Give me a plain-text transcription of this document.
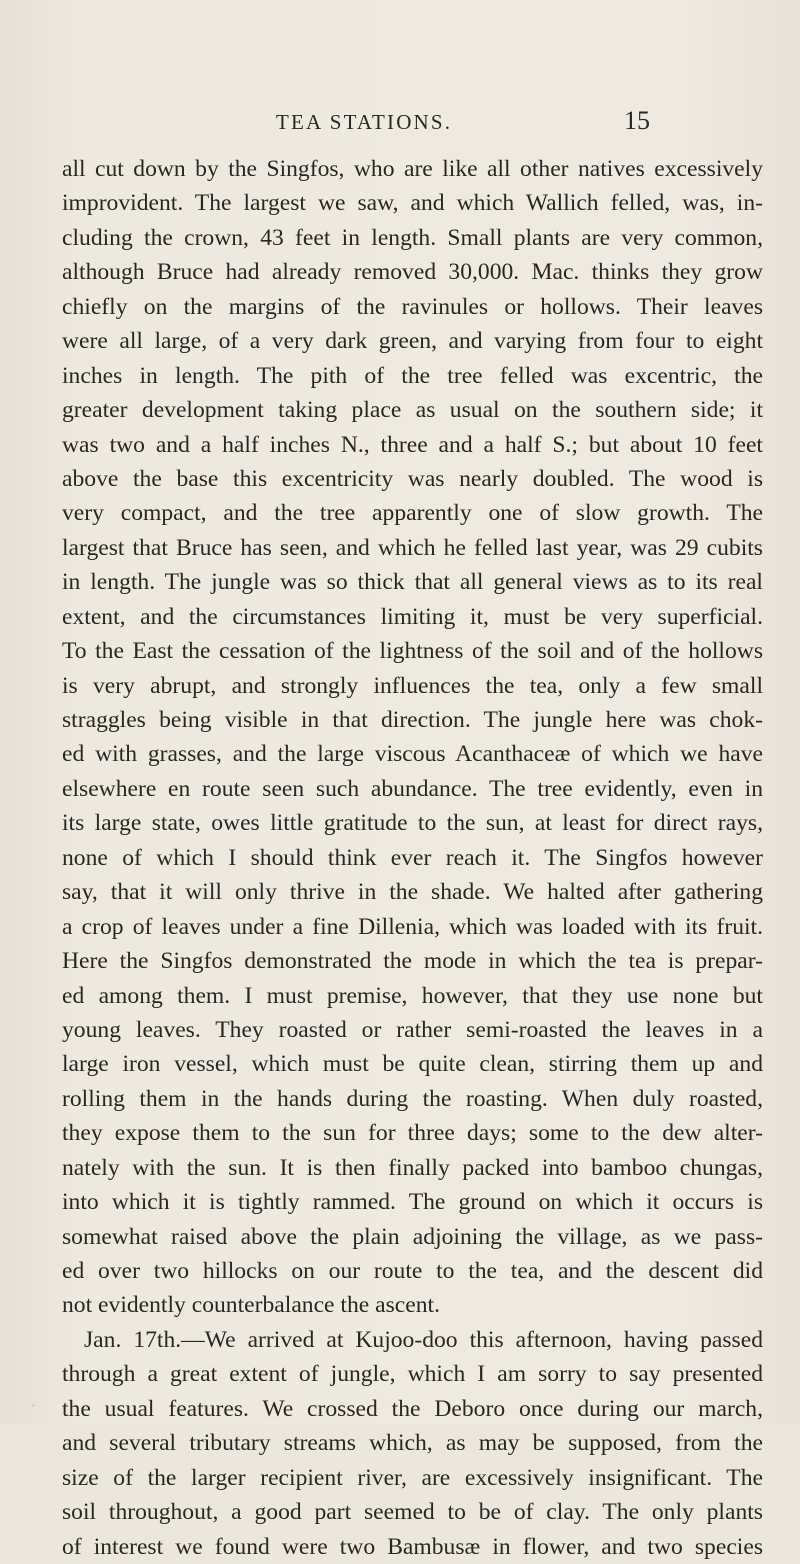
TEA STATIONS.	15
all cut down by the Singfos, who are like all other natives excessively
improvident. The largest we saw, and which Wallich felled, was, in-
cluding the crown, 43 feet in length. Small plants are very common,
although Bruce had already removed 30,000. Mac. thinks they grow
chiefly on the margins of the ravinules or hollows. Their leaves
were all large, of a very dark green, and varying from four to eight
inches in length. The pith of the tree felled was excentric, the
greater development taking place as usual on the southern side; it
was two and a half inches N., three and a half S.; but about 10 feet
above the base this excentricity was nearly doubled. The wood is
very compact, and the tree apparently one of slow growth. The
largest that Bruce has seen, and which he felled last year, was 29 cubits
in length. The jungle was so thick that all general views as to its real
extent, and the circumstances limiting it, must be very superficial.
To the East the cessation of the lightness of the soil and of the hollows
is very abrupt, and strongly influences the tea, only a few small
straggles being visible in that direction. The jungle here was chok-
ed with grasses, and the large viscous Acanthaceæ of which we have
elsewhere en route seen such abundance. The tree evidently, even in
its large state, owes little gratitude to the sun, at least for direct rays,
none of which I should think ever reach it. The Singfos however
say, that it will only thrive in the shade. We halted after gathering
a crop of leaves under a fine Dillenia, which was loaded with its fruit.
Here the Singfos demonstrated the mode in which the tea is prepar-
ed among them. I must premise, however, that they use none but
young leaves. They roasted or rather semi-roasted the leaves in a
large iron vessel, which must be quite clean, stirring them up and
rolling them in the hands during the roasting. When duly roasted,
they expose them to the sun for three days; some to the dew alter-
nately with the sun. It is then finally packed into bamboo chungas,
into which it is tightly rammed. The ground on which it occurs is
somewhat raised above the plain adjoining the village, as we pass-
ed over two hillocks on our route to the tea, and the descent did
not evidently counterbalance the ascent.
Jan. 17th.—We arrived at Kujoo-doo this afternoon, having passed
through a great extent of jungle, which I am sorry to say presented
the usual features. We crossed the Deboro once during our march,
and several tributary streams which, as may be supposed, from the
size of the larger recipient river, are excessively insignificant. The
soil throughout, a good part seemed to be of clay. The only plants
of interest we found were two Bambusæ in flower, and two species
